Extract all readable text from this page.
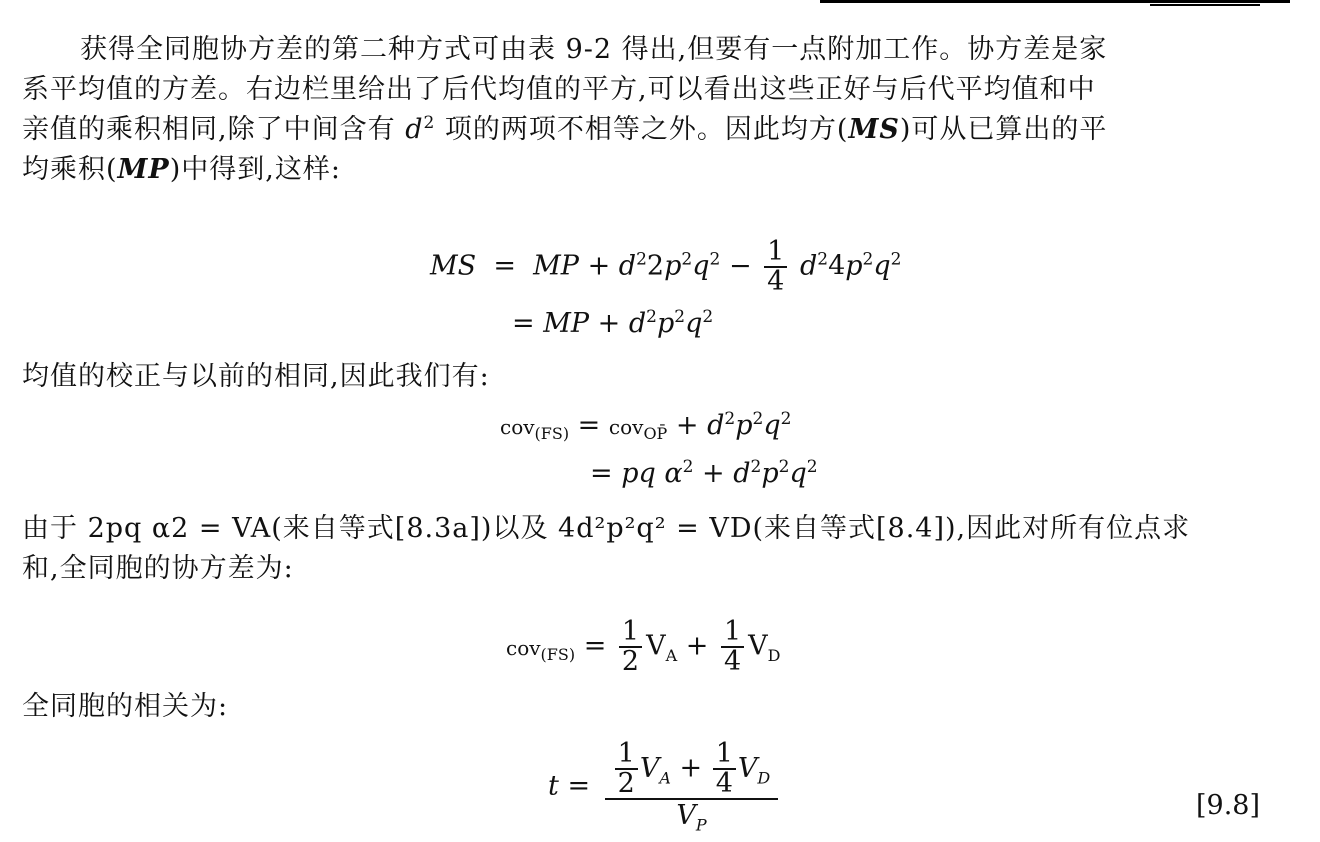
获得全同胞协方差的第二种方式可由表 9-2 得出,但要有一点附加工作。协方差是家
系平均值的方差。右边栏里给出了后代均值的平方,可以看出这些正好与后代平均值和中
亲值的乘积相同,除了中间含有 $d^2$ 项的两项不相等之外。因此均方(MS)可从已算出的平
均乘积(MP)中得到,这样:
MS = MP + $d^22p^2q^2 - \frac{1}{4} d^24p^2q^2$
= MP + $d^2p^2q^2$
均值的校正与以前的相同,因此我们有:
$cov_{(FS)} = cov_{OP̄} + d^2p^2q^2$
= pq $\alpha^2 + d^2p^2q^2$
由于 2pq α2 = VA(来自等式[8.3a])以及 4d²p²q² = VD(来自等式[8.4]),因此对所有位点求
和,全同胞的协方差为:
$cov_{(FS)} = \frac{1}{2} V_A + \frac{1}{4} V_D$
全同胞的相关为:
$t = \frac{\frac{1}{2} V_A + \frac{1}{4} V_D}{V_P}$	[9.8]
